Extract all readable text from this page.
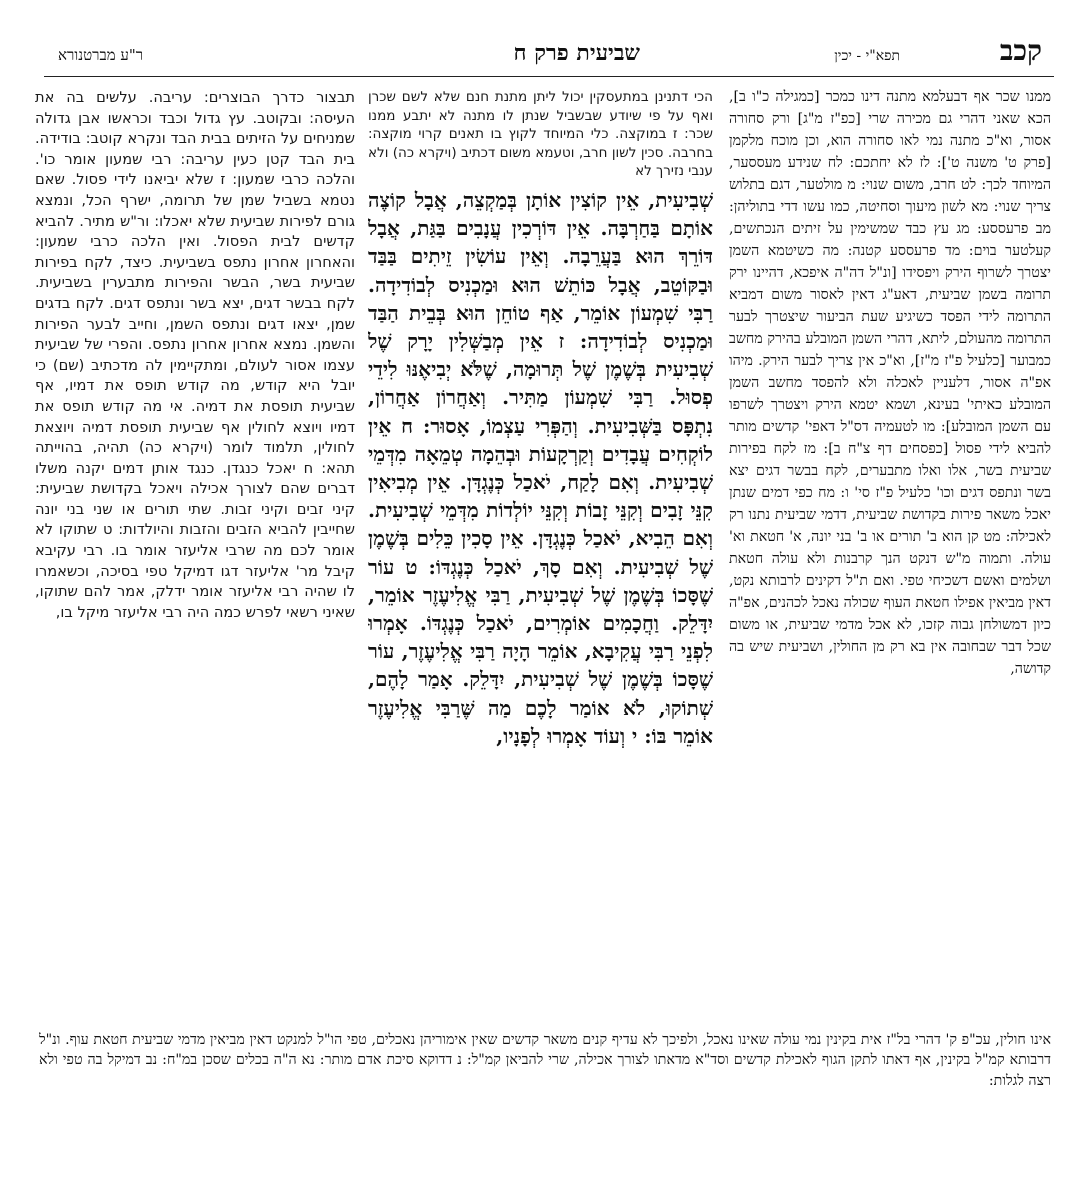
קכב
תפא"י - יכין
שביעית פרק ח
ר"ע מברטנורא

ממנו שכר אף דבעלמא מתנה דינו כמכר [כמגילה כ"ו ב], הכא שאני דהרי גם מכירה שרי [כפ"ז מ"ג] ורק סחורה אסור, וא"כ מתנה נמי לאו סחורה הוא, וכן מוכח מלקמן [פרק ט' משנה ט']: לז לא יחתכם: לח שנידע מעססער, המיוחד לכך: לט חרב, משום שנוי: מ מולטער, דגם בתלוש צריך שנוי: מא לשון מיעוך וסחיטה, כמו עשו דדי בתוליהן: מב פרעססע: מג עץ כבד שמשימין על זיתים הנכתשים, קעלטער בוים: מד פרעססע קטנה: מה כשיטמא השמן יצטרך לשרוף הירק ויפסידו [ונ"ל דה"ה איפכא, דהיינו ירק תרומה בשמן שביעית, דאע"ג דאין לאסור משום דמביא התרומה לידי הפסד כשיגיע שעת הביעור שיצטרך לבער התרומה מהעולם, ליתא, דהרי השמן המובלע בהירק מחשב כמבוער [כלעיל פ"ז מ"ז], וא"כ אין צריך לבער הירק. מיהו אפ"ה אסור, דלעניין לאכלה ולא להפסד מחשב השמן המובלע כאיתי' בעינא, ושמא יטמא הירק ויצטרך לשרפו עם השמן המובלע]: מו לטעמיה דס"ל דאפי' קדשים מותר להביא לידי פסול [כפסחים דף צ"ח ב]: מז לקח בפירות שביעית בשר, אלו ואלו מתבערים, לקח בבשר דגים יצא בשר ונתפס דגים וכו' כלעיל פ"ז סי' ו: מח כפי דמים שנתן יאכל משאר פירות בקדושת שביעית, דדמי שביעית נתנו רק לאכילה: מט קן הוא ב' תורים או ב' בני יונה, א' חטאת וא' עולה. ותמוה מ"ש דנקט הנך קרבנות ולא עולה חטאת ושלמים ואשם דשכיחי טפי. ואם ת"ל דקינים לרבותא נקט, דאין מביאין אפילו חטאת העוף שכולה נאכל לכהנים, אפ"ה כיון דמשולחן גבוה קזכו, לא אכל מדמי שביעית, או משום שכל דבר שבחובה אין בא רק מן החולין, ושביעית שיש בה קדושה,

הכי דתנינן במתעסקין יכול ליתן מתנת חנם שלא לשם שכרן ואף על פי שיודע שבשביל שנתן לו מתנה לא יתבע ממנו שכר: ז במוקצה. כלי המיוחד לקוץ בו תאנים קרוי מוקצה: בחרבה. סכין לשון חרב, וטעמא משום דכתיב (ויקרא כה) ולא ענבי נזירך לא

שְׁבִיעִית, אֵין קוֹצִין אוֹתָן בְּמַקְצֵה, אֲבָל קוֹצֶה אוֹתָם בַּחַרְבָּה. אֵין דּוֹרְכִין עֲנָבִים בַּגַּת, אֲבָל דּוֹרֵךְ הוּא בַּעֲרֵבָה. וְאֵין עוֹשִׂין זֵיתִים בַּבַּד וּבַקּוֹטֵב, אֲבָל כּוֹתֵשׁ הוּא וּמַכְנִיס לְבוֹדִידָה. רַבִּי שִׁמְעוֹן אוֹמֵר, אַף טוֹחֵן הוּא בְּבֵית הַבַּד וּמַכְנִיס לְבוֹדִידָה: ז אֵין מְבַשְּׁלִין יָרָק שֶׁל שְׁבִיעִית בְּשֶׁמֶן שֶׁל תְּרוּמָה, שֶׁלֹּא יְבִיאֶנּוּ לִידֵי פְסוּל. רַבִּי שִׁמְעוֹן מַתִּיר. וְאַחֲרוֹן אַחֲרוֹן, נִתְפָּס בַּשְּׁבִיעִית. וְהַפְּרִי עַצְמוֹ, אָסוּר: ח אֵין לוֹקְחִים עֲבָדִים וְקַרְקָעוֹת וּבְהֵמָה טְמֵאָה מִדְּמֵי שְׁבִיעִית. וְאִם לָקַח, יֹאכַל כְּנֶגְדָּן. אֵין מְבִיאִין קִנֵּי זָבִים וְקִנֵּי זָבוֹת וְקִנֵּי יוֹלְדוֹת מִדְּמֵי שְׁבִיעִית. וְאִם הֵבִיא, יֹאכַל כְּנֶגְדָּן. אֵין סָכִין כֵּלִים בְּשֶׁמֶן שֶׁל שְׁבִיעִית. וְאִם סָךְ, יֹאכַל כְּנֶגְדּוֹ: ט עוֹר שֶׁסָּכוֹ בְּשֶׁמֶן שֶׁל שְׁבִיעִית, רַבִּי אֱלִיעֶזֶר אוֹמֵר, יִדָּלֵק. וַחֲכָמִים אוֹמְרִים, יֹאכַל כְּנֶגְדּוֹ. אָמְרוּ לִפְנֵי רַבִּי עֲקִיבָא, אוֹמֵר הָיָה רַבִּי אֱלִיעֶזֶר, עוֹר שֶׁסָּכוֹ בְּשֶׁמֶן שֶׁל שְׁבִיעִית, יִדָּלֵק. אָמַר לָהֶם, שְׁתוֹקוּ, לֹא אוֹמַר לָכֶם מַה שֶּׁרַבִּי אֱלִיעֶזֶר אוֹמֵר בּוֹ: י וְעוֹד אָמְרוּ לְפָנָיו,

תבצור כדרך הבוצרים: עריבה. עלשים בה את העיסה: ובקוטב. עץ גדול וכבד וכראשו אבן גדולה שמניחים על הזיתים בבית הבד ונקרא קוטב: בודידה. בית הבד קטן כעין עריבה: רבי שמעון אומר כו'. והלכה כרבי שמעון: ז שלא יביאנו לידי פסול. שאם נטמא בשביל שמן של תרומה, ישרף הכל, ונמצא גורם לפירות שביעית שלא יאכלו: ור"ש מתיר. להביא קדשים לבית הפסול. ואין הלכה כרבי שמעון: והאחרון אחרון נתפס בשביעית. כיצד, לקח בפירות שביעית בשר, הבשר והפירות מתבערין בשביעית. לקח בבשר דגים, יצא בשר ונתפס דגים. לקח בדגים שמן, יצאו דגים ונתפס השמן, וחייב לבער הפירות והשמן. נמצא אחרון אחרון נתפס. והפרי של שביעית עצמו אסור לעולם, ומתקיימין לה מדכתיב (שם) כי יובל היא קודש, מה קודש תופס את דמיו, אף שביעית תופסת את דמיה. אי מה קודש תופס את דמיו ויוצא לחולין אף שביעית תופסת דמיה ויוצאת לחולין, תלמוד לומר (ויקרא כה) תהיה, בהוייתה תהא: ח יאכל כנגדן. כנגד אותן דמים יקנה משלו דברים שהם לצורך אכילה ויאכל בקדושת שביעית: קיני זבים וקיני זבות. שתי תורים או שני בני יונה שחייבין להביא הזבים והזבות והיולדות: ט שתוקו לא אומר לכם מה שרבי אליעזר אומר בו. רבי עקיבא קיבל מר' אליעזר דגו דמיקל טפי בסיכה, וכשאמרו לו שהיה רבי אליעזר אומר ידלק, אמר להם שתוקו, שאיני רשאי לפרש כמה היה רבי אליעזר מיקל בו,

אינו חולין, עכ"פ ק' דהרי בל"ז אית בקינין נמי עולה שאינו נאכל, ולפיכך לא עדיף קנים משאר קדשים שאין אימוריהן נאכלים, טפי הו"ל למנקט דאין מביאין מדמי שביעית חטאת עוף. ונ"ל דרבותא קמ"ל בקינין, אף דאתו לתקן הגוף לאכילת קדשים וסד"א מדאתו לצורך אכילה, שרי להביאן קמ"ל: נ דדוקא סיכת אדם מותר: נא ה"ה בכלים שסכן במ"ח: נב דמיקל בה טפי ולא רצה לגלות:
